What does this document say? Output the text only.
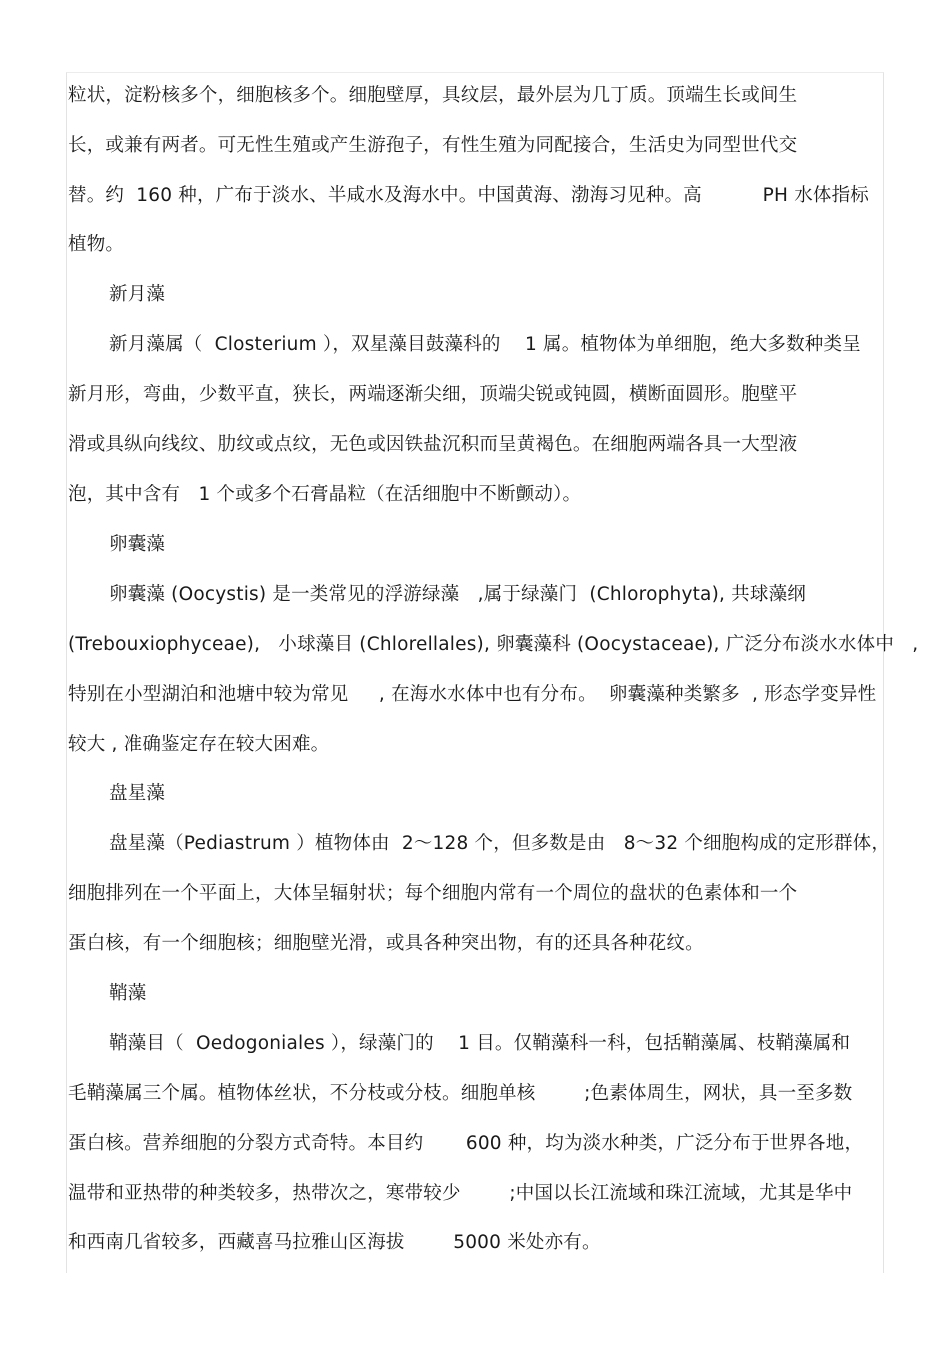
粒状，淀粉核多个，细胞核多个。细胞壁厚，具纹层，最外层为几丁质。顶端生长或间生
长，或兼有两者。可无性生殖或产生游孢子，有性生殖为同配接合，生活史为同型世代交
替。约  160 种，广布于淡水、半咸水及海水中。中国黄海、渤海习见种。高          PH 水体指标
植物。
新月藻
新月藻属（  Closterium ），双星藻目鼓藻科的    1 属。植物体为单细胞，绝大多数种类呈
新月形，弯曲，少数平直，狭长，两端逐渐尖细，顶端尖锐或钝圆，横断面圆形。胞壁平
滑或具纵向线纹、肋纹或点纹，无色或因铁盐沉积而呈黄褐色。在细胞两端各具一大型液
泡，其中含有   1 个或多个石膏晶粒（在活细胞中不断颤动）。
卵囊藻
卵囊藻 (Oocystis) 是一类常见的浮游绿藻   ,属于绿藻门  (Chlorophyta), 共球藻纲
(Trebouxiophyceae),   小球藻目 (Chlorellales), 卵囊藻科 (Oocystaceae), 广泛分布淡水水体中   ,
特别在小型湖泊和池塘中较为常见     , 在海水水体中也有分布。  卵囊藻种类繁多  , 形态学变异性
较大 , 准确鉴定存在较大困难。
盘星藻
盘星藻（Pediastrum ）植物体由  2～128 个，但多数是由   8～32 个细胞构成的定形群体，
细胞排列在一个平面上，大体呈辐射状；每个细胞内常有一个周位的盘状的色素体和一个
蛋白核，有一个细胞核；细胞壁光滑，或具各种突出物，有的还具各种花纹。
鞘藻
鞘藻目（  Oedogoniales ），绿藻门的    1 目。仅鞘藻科一科，包括鞘藻属、枝鞘藻属和
毛鞘藻属三个属。植物体丝状，不分枝或分枝。细胞单核        ;色素体周生，网状，具一至多数
蛋白核。营养细胞的分裂方式奇特。本目约       600 种，均为淡水种类，广泛分布于世界各地，
温带和亚热带的种类较多，热带次之，寒带较少        ;中国以长江流域和珠江流域，尤其是华中
和西南几省较多，西藏喜马拉雅山区海拔        5000 米处亦有。
